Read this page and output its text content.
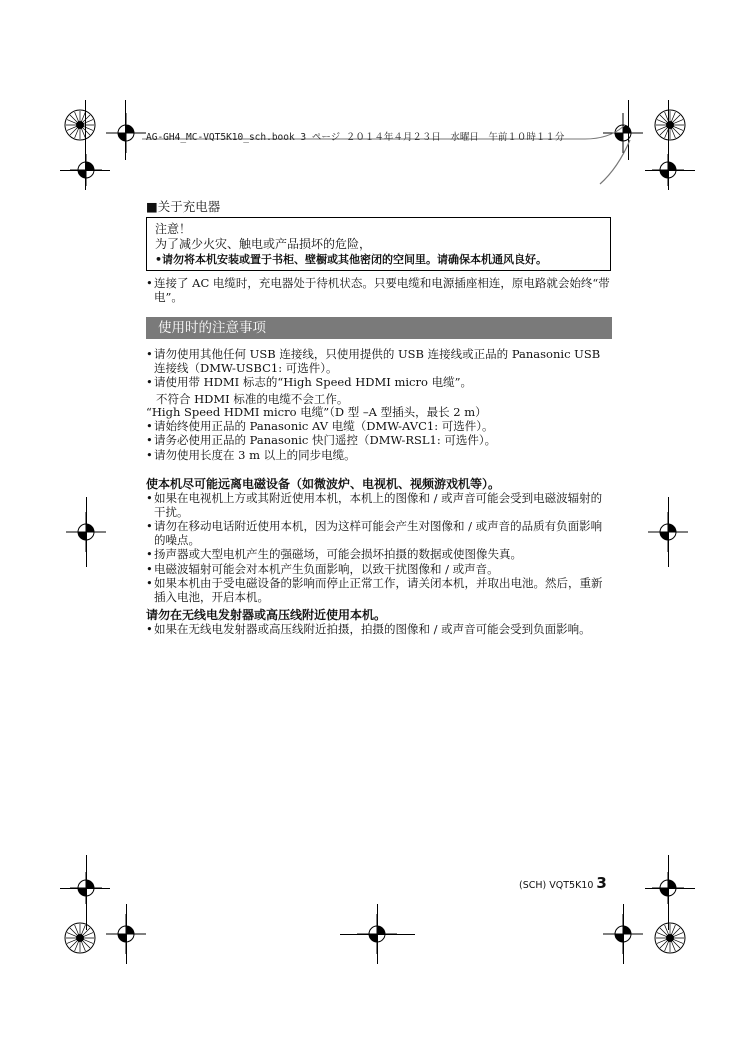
AG-GH4_MC-VQT5K10_sch.book 3 ページ ２０１４年４月２３日　水曜日　午前１０時１１分
■关于充电器
注意！
为了减少火灾、触电或产品损坏的危险，
•请勿将本机安装或置于书柜、壁橱或其他密闭的空间里。请确保本机通风良好。
• 连接了 AC 电缆时，充电器处于待机状态。只要电缆和电源插座相连，原电路就会始终“带电”。
使用时的注意事项
• 请勿使用其他任何 USB 连接线，只使用提供的 USB 连接线或正品的 Panasonic USB 连接线（DMW-USBC1: 可选件）。
• 请使用带 HDMI 标志的“High Speed HDMI micro 电缆”。
不符合 HDMI 标准的电缆不会工作。
“High Speed HDMI micro 电缆”（D 型 –A 型插头，最长 2 m）
• 请始终使用正品的 Panasonic AV 电缆（DMW-AVC1: 可选件）。
• 请务必使用正品的 Panasonic 快门遥控（DMW-RSL1: 可选件）。
• 请勿使用长度在 3 m 以上的同步电缆。
使本机尽可能远离电磁设备（如微波炉、电视机、视频游戏机等）。
• 如果在电视机上方或其附近使用本机，本机上的图像和 / 或声音可能会受到电磁波辐射的干扰。
• 请勿在移动电话附近使用本机，因为这样可能会产生对图像和 / 或声音的品质有负面影响的噪点。
• 扬声器或大型电机产生的强磁场，可能会损坏拍摄的数据或使图像失真。
• 电磁波辐射可能会对本机产生负面影响，以致干扰图像和 / 或声音。
• 如果本机由于受电磁设备的影响而停止正常工作，请关闭本机，并取出电池。然后，重新插入电池，开启本机。
请勿在无线电发射器或高压线附近使用本机。
• 如果在无线电发射器或高压线附近拍摄，拍摄的图像和 / 或声音可能会受到负面影响。
(SCH) VQT5K10 3
